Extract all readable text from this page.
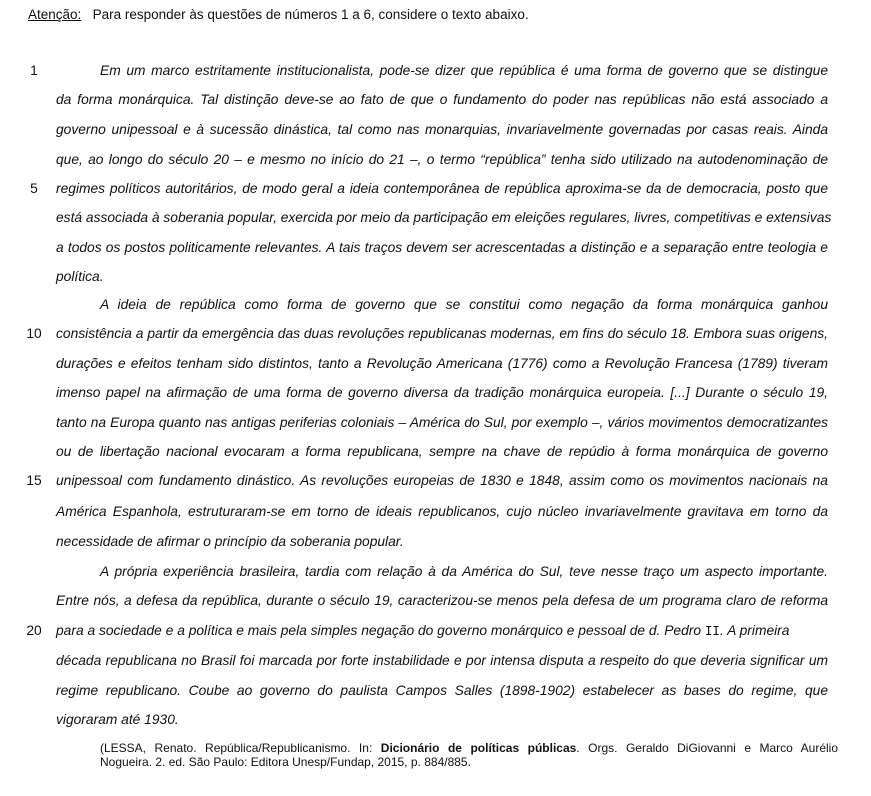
Atenção: Para responder às questões de números 1 a 6, considere o texto abaixo.
1
5
10
15
20
Em um marco estritamente institucionalista, pode-se dizer que república é uma forma de governo que se distingue
da forma monárquica. Tal distinção deve-se ao fato de que o fundamento do poder nas repúblicas não está associado a
governo unipessoal e à sucessão dinástica, tal como nas monarquias, invariavelmente governadas por casas reais. Ainda
que, ao longo do século 20 – e mesmo no início do 21 –, o termo “república” tenha sido utilizado na autodenominação de
regimes políticos autoritários, de modo geral a ideia contemporânea de república aproxima-se da de democracia, posto que
está associada à soberania popular, exercida por meio da participação em eleições regulares, livres, competitivas e extensivas
a todos os postos politicamente relevantes. A tais traços devem ser acrescentadas a distinção e a separação entre teologia e
política.
A ideia de república como forma de governo que se constitui como negação da forma monárquica ganhou
consistência a partir da emergência das duas revoluções republicanas modernas, em fins do século 18. Embora suas origens,
durações e efeitos tenham sido distintos, tanto a Revolução Americana (1776) como a Revolução Francesa (1789) tiveram
imenso papel na afirmação de uma forma de governo diversa da tradição monárquica europeia. [...] Durante o século 19,
tanto na Europa quanto nas antigas periferias coloniais – América do Sul, por exemplo –, vários movimentos democratizantes
ou de libertação nacional evocaram a forma republicana, sempre na chave de repúdio à forma monárquica de governo
unipessoal com fundamento dinástico. As revoluções europeias de 1830 e 1848, assim como os movimentos nacionais na
América Espanhola, estruturaram-se em torno de ideais republicanos, cujo núcleo invariavelmente gravitava em torno da
necessidade de afirmar o princípio da soberania popular.
A própria experiência brasileira, tardia com relação à da América do Sul, teve nesse traço um aspecto importante.
Entre nós, a defesa da república, durante o século 19, caracterizou-se menos pela defesa de um programa claro de reforma
para a sociedade e a política e mais pela simples negação do governo monárquico e pessoal de d. Pedro II. A primeira
década republicana no Brasil foi marcada por forte instabilidade e por intensa disputa a respeito do que deveria significar um
regime republicano. Coube ao governo do paulista Campos Salles (1898-1902) estabelecer as bases do regime, que
vigoraram até 1930.
(LESSA, Renato. República/Republicanismo. In: Dicionário de políticas públicas. Orgs. Geraldo DiGiovanni e Marco Aurélio
Nogueira. 2. ed. São Paulo: Editora Unesp/Fundap, 2015, p. 884/885.
